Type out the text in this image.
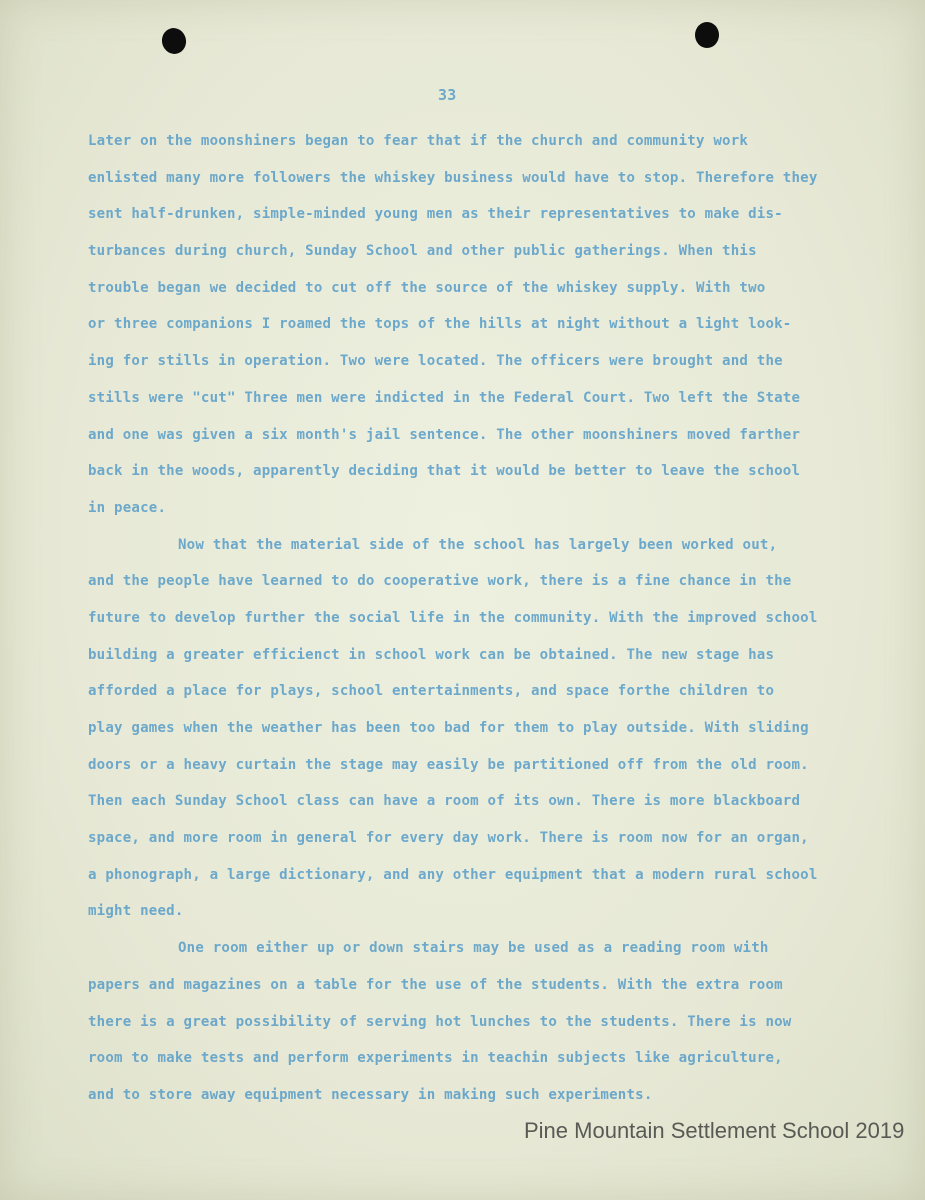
33
Later on the moonshiners began to fear that if the church and community work
enlisted many more followers the whiskey business would have to stop. Therefore they
sent half-drunken, simple-minded young men as their representatives to make dis-
turbances during church, Sunday School and other public gatherings. When this
trouble began we decided to cut off the source of the whiskey supply. With two
or three companions I roamed the tops of the hills at night without a light look-
ing for stills in operation. Two were located. The officers were brought and the
stills were "cut" Three men were indicted in the Federal Court. Two left the State
and one was given a six month's jail sentence. The other moonshiners moved farther
back in the woods, apparently deciding that it would be better to leave the school
in peace.
Now that the material side of the school has largely been worked out,
and the people have learned to do cooperative work, there is a fine chance in the
future to develop further the social life in the community. With the improved school
building a greater efficienct in school work can be obtained. The new stage has
afforded a place for plays, school entertainments, and space forthe children to
play games when the weather has been too bad for them to play outside. With sliding
doors or a heavy curtain the stage may easily be partitioned off from the old room.
Then each Sunday School class can have a room of its own. There is more blackboard
space, and more room in general for every day work. There is room now for an organ,
a phonograph, a large dictionary, and any other equipment that a modern rural school
might need.
One room either up or down stairs may be used as a reading room with
papers and magazines on a table for the use of the students. With the extra room
there is a great possibility of serving hot lunches to the students. There is now
room to make tests and perform experiments in teachin subjects like agriculture,
and to store away equipment necessary in making such experiments.
Pine Mountain Settlement School 2019
